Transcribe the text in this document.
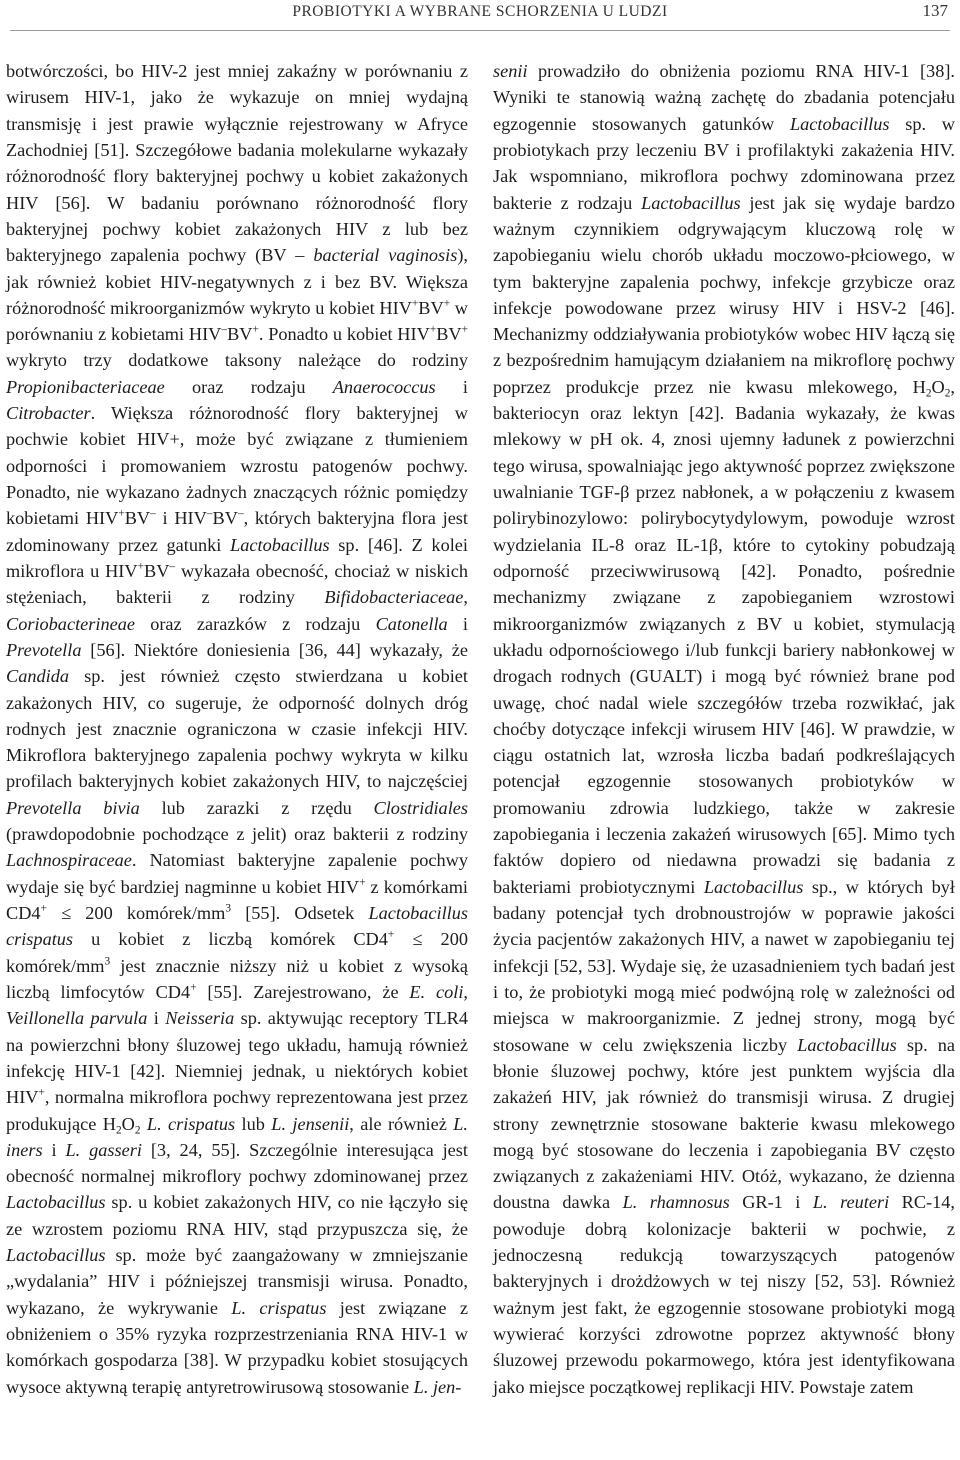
PROBIOTYKI A WYBRANE SCHORZENIA U LUDZI	137

botwórczości, bo HIV-2 jest mniej zakaźny w porównaniu z wirusem HIV-1, jako że wykazuje on mniej wydajną transmisję i jest prawie wyłącznie rejestrowany w Afryce Zachodniej [51]. Szczegółowe badania molekularne wykazały różnorodność flory bakteryjnej pochwy u kobiet zakażonych HIV [56]. W badaniu porównano różnorodność flory bakteryjnej pochwy kobiet zakażonych HIV z lub bez bakteryjnego zapalenia pochwy (BV – bacterial vaginosis), jak również kobiet HIV-negatywnych z i bez BV. Większa różnorodność mikroorganizmów wykryto u kobiet HIV+BV+ w porównaniu z kobietami HIV–BV+. Ponadto u kobiet HIV+BV+ wykryto trzy dodatkowe taksony należące do rodziny Propionibacteriaceae oraz rodzaju Anaerococcus i Citrobacter. Większa różnorodność flory bakteryjnej w pochwie kobiet HIV+, może być związane z tłumieniem odporności i promowaniem wzrostu patogenów pochwy. Ponadto, nie wykazano żadnych znaczących różnic pomiędzy kobietami HIV+BV– i HIV–BV–, których bakteryjna flora jest zdominowany przez gatunki Lactobacillus sp. [46]. Z kolei mikroflora u HIV+BV– wykazała obecność, chociaż w niskich stężeniach, bakterii z rodziny Bifidobacteriaceae, Coriobacterineae oraz zarazków z rodzaju Catonella i Prevotella [56]. Niektóre doniesienia [36, 44] wykazały, że Candida sp. jest również często stwierdzana u kobiet zakażonych HIV, co sugeruje, że odporność dolnych dróg rodnych jest znacznie ograniczona w czasie infekcji HIV. Mikroflora bakteryjnego zapalenia pochwy wykryta w kilku profilach bakteryjnych kobiet zakażonych HIV, to najczęściej Prevotella bivia lub zarazki z rzędu Clostridiales (prawdopodobnie pochodzące z jelit) oraz bakterii z rodziny Lachnospiraceae. Natomiast bakteryjne zapalenie pochwy wydaje się być bardziej nagminne u kobiet HIV+ z komórkami CD4+ ≤ 200 komórek/$mm^3$ [55]. Odsetek Lactobacillus crispatus u kobiet z liczbą komórek CD4+ ≤ 200 komórek/$mm^3$ jest znacznie niższy niż u kobiet z wysoką liczbą limfocytów CD4+ [55]. Zarejestrowano, że E. coli, Veillonella parvula i Neisseria sp. aktywując receptory TLR4 na powierzchni błony śluzowej tego układu, hamują również infekcję HIV-1 [42]. Niemniej jednak, u niektórych kobiet HIV+, normalna mikroflora pochwy reprezentowana jest przez produkujące $H_2O_2$ L. crispatus lub L. jensenii, ale również L. iners i L. gasseri [3, 24, 55]. Szczególnie interesująca jest obecność normalnej mikroflory pochwy zdominowanej przez Lactobacillus sp. u kobiet zakażonych HIV, co nie łączyło się ze wzrostem poziomu RNA HIV, stąd przypuszcza się, że Lactobacillus sp. może być zaangażowany w zmniejszanie „wydalania” HIV i późniejszej transmisji wirusa. Ponadto, wykazano, że wykrywanie L. crispatus jest związane z obniżeniem o 35% ryzyka rozprzestrzeniania RNA HIV-1 w komórkach gospodarza [38]. W przypadku kobiet stosujących wysoce aktywną terapię antyretrowirusową stosowanie L. jen-

senii prowadziło do obniżenia poziomu RNA HIV-1 [38]. Wyniki te stanowią ważną zachętę do zbadania potencjału egzogennie stosowanych gatunków Lactobacillus sp. w probiotykach przy leczeniu BV i profilaktyki zakażenia HIV. Jak wspomniano, mikroflora pochwy zdominowana przez bakterie z rodzaju Lactobacillus jest jak się wydaje bardzo ważnym czynnikiem odgrywającym kluczową rolę w zapobieganiu wielu chorób układu moczowo-płciowego, w tym bakteryjne zapalenia pochwy, infekcje grzybicze oraz infekcje powodowane przez wirusy HIV i HSV-2 [46]. Mechanizmy oddziaływania probiotyków wobec HIV łączą się z bezpośrednim hamującym działaniem na mikroflorę pochwy poprzez produkcje przez nie kwasu mlekowego, $H_2O_2$, bakteriocyn oraz lektyn [42]. Badania wykazały, że kwas mlekowy w pH ok. 4, znosi ujemny ładunek z powierzchni tego wirusa, spowalniając jego aktywność poprzez zwiększone uwalnianie TGF-β przez nabłonek, a w połączeniu z kwasem polirybinozylowo: polirybocytydylowym, powoduje wzrost wydzielania IL-8 oraz IL-1β, które to cytokiny pobudzają odporność przeciwwirusową [42]. Ponadto, pośrednie mechanizmy związane z zapobieganiem wzrostowi mikroorganizmów związanych z BV u kobiet, stymulacją układu odpornościowego i/lub funkcji bariery nabłonkowej w drogach rodnych (GUALT) i mogą być również brane pod uwagę, choć nadal wiele szczegółów trzeba rozwikłać, jak choćby dotyczące infekcji wirusem HIV [46]. W prawdzie, w ciągu ostatnich lat, wzrosła liczba badań podkreślających potencjał egzogennie stosowanych probiotyków w promowaniu zdrowia ludzkiego, także w zakresie zapobiegania i leczenia zakażeń wirusowych [65]. Mimo tych faktów dopiero od niedawna prowadzi się badania z bakteriami probiotycznymi Lactobacillus sp., w których był badany potencjał tych drobnoustrojów w poprawie jakości życia pacjentów zakażonych HIV, a nawet w zapobieganiu tej infekcji [52, 53]. Wydaje się, że uzasadnieniem tych badań jest i to, że probiotyki mogą mieć podwójną rolę w zależności od miejsca w makroorganizmie. Z jednej strony, mogą być stosowane w celu zwiększenia liczby Lactobacillus sp. na błonie śluzowej pochwy, które jest punktem wyjścia dla zakażeń HIV, jak również do transmisji wirusa. Z drugiej strony zewnętrznie stosowane bakterie kwasu mlekowego mogą być stosowane do leczenia i zapobiegania BV często związanych z zakażeniami HIV. Otóż, wykazano, że dzienna doustna dawka L. rhamnosus GR-1 i L. reuteri RC-14, powoduje dobrą kolonizacje bakterii w pochwie, z jednoczesną redukcją towarzyszących patogenów bakteryjnych i drożdżowych w tej niszy [52, 53]. Również ważnym jest fakt, że egzogennie stosowane probiotyki mogą wywierać korzyści zdrowotne poprzez aktywność błony śluzowej przewodu pokarmowego, która jest identyfikowana jako miejsce początkowej replikacji HIV. Powstaje zatem
